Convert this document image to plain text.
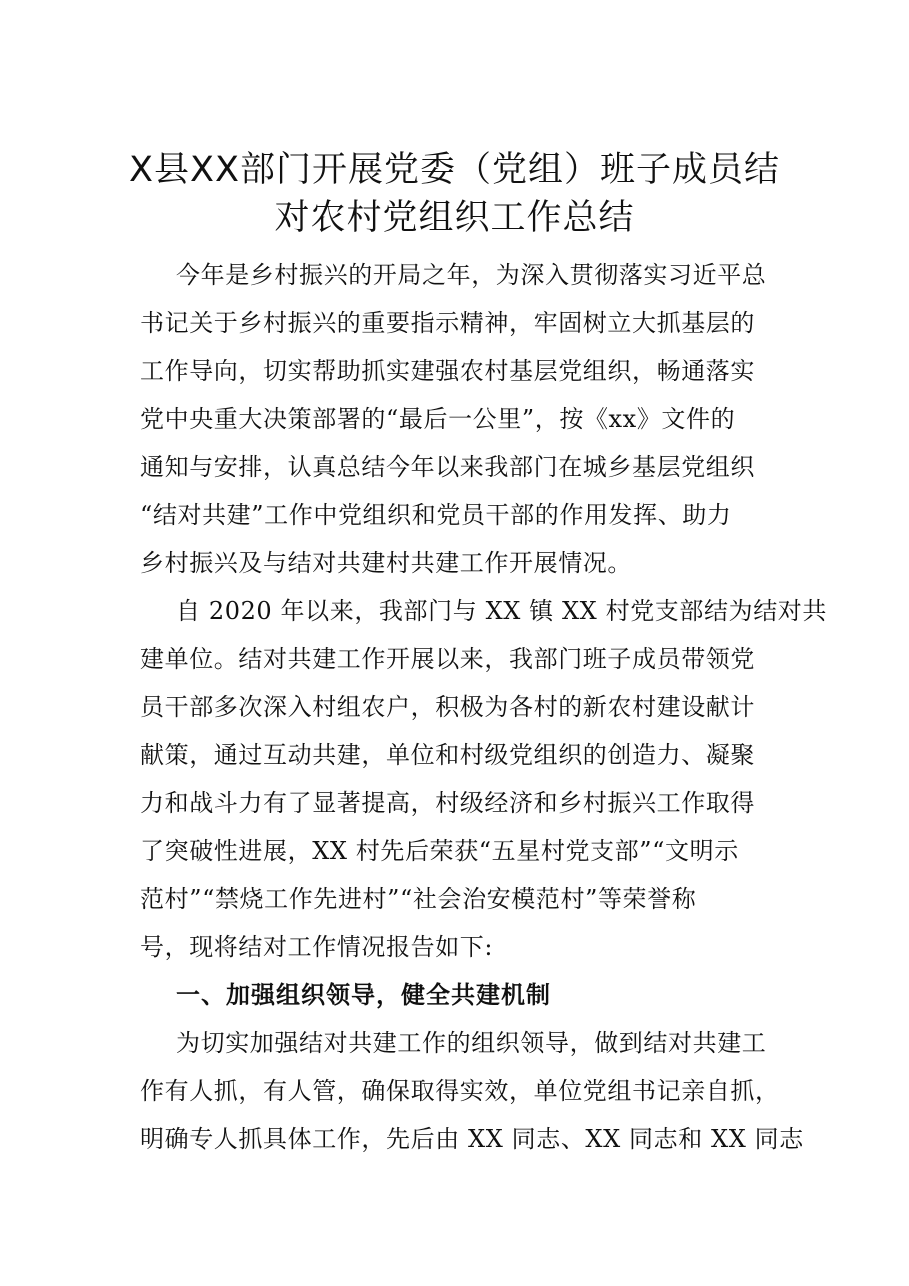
X县XX部门开展党委（党组）班子成员结
对农村党组织工作总结

今年是乡村振兴的开局之年，为深入贯彻落实习近平总

书记关于乡村振兴的重要指示精神，牢固树立大抓基层的

工作导向，切实帮助抓实建强农村基层党组织，畅通落实

党中央重大决策部署的“最后一公里”，按《xx》文件的

通知与安排，认真总结今年以来我部门在城乡基层党组织

“结对共建”工作中党组织和党员干部的作用发挥、助力

乡村振兴及与结对共建村共建工作开展情况。

自 2020 年以来，我部门与 XX 镇 XX 村党支部结为结对共

建单位。结对共建工作开展以来，我部门班子成员带领党

员干部多次深入村组农户，积极为各村的新农村建设献计

献策，通过互动共建，单位和村级党组织的创造力、凝聚

力和战斗力有了显著提高，村级经济和乡村振兴工作取得

了突破性进展，XX 村先后荣获“五星村党支部”“文明示

范村”“禁烧工作先进村”“社会治安模范村”等荣誉称

号，现将结对工作情况报告如下:

一、加强组织领导，健全共建机制

为切实加强结对共建工作的组织领导，做到结对共建工

作有人抓，有人管，确保取得实效，单位党组书记亲自抓，

明确专人抓具体工作，先后由 XX 同志、XX 同志和 XX 同志
